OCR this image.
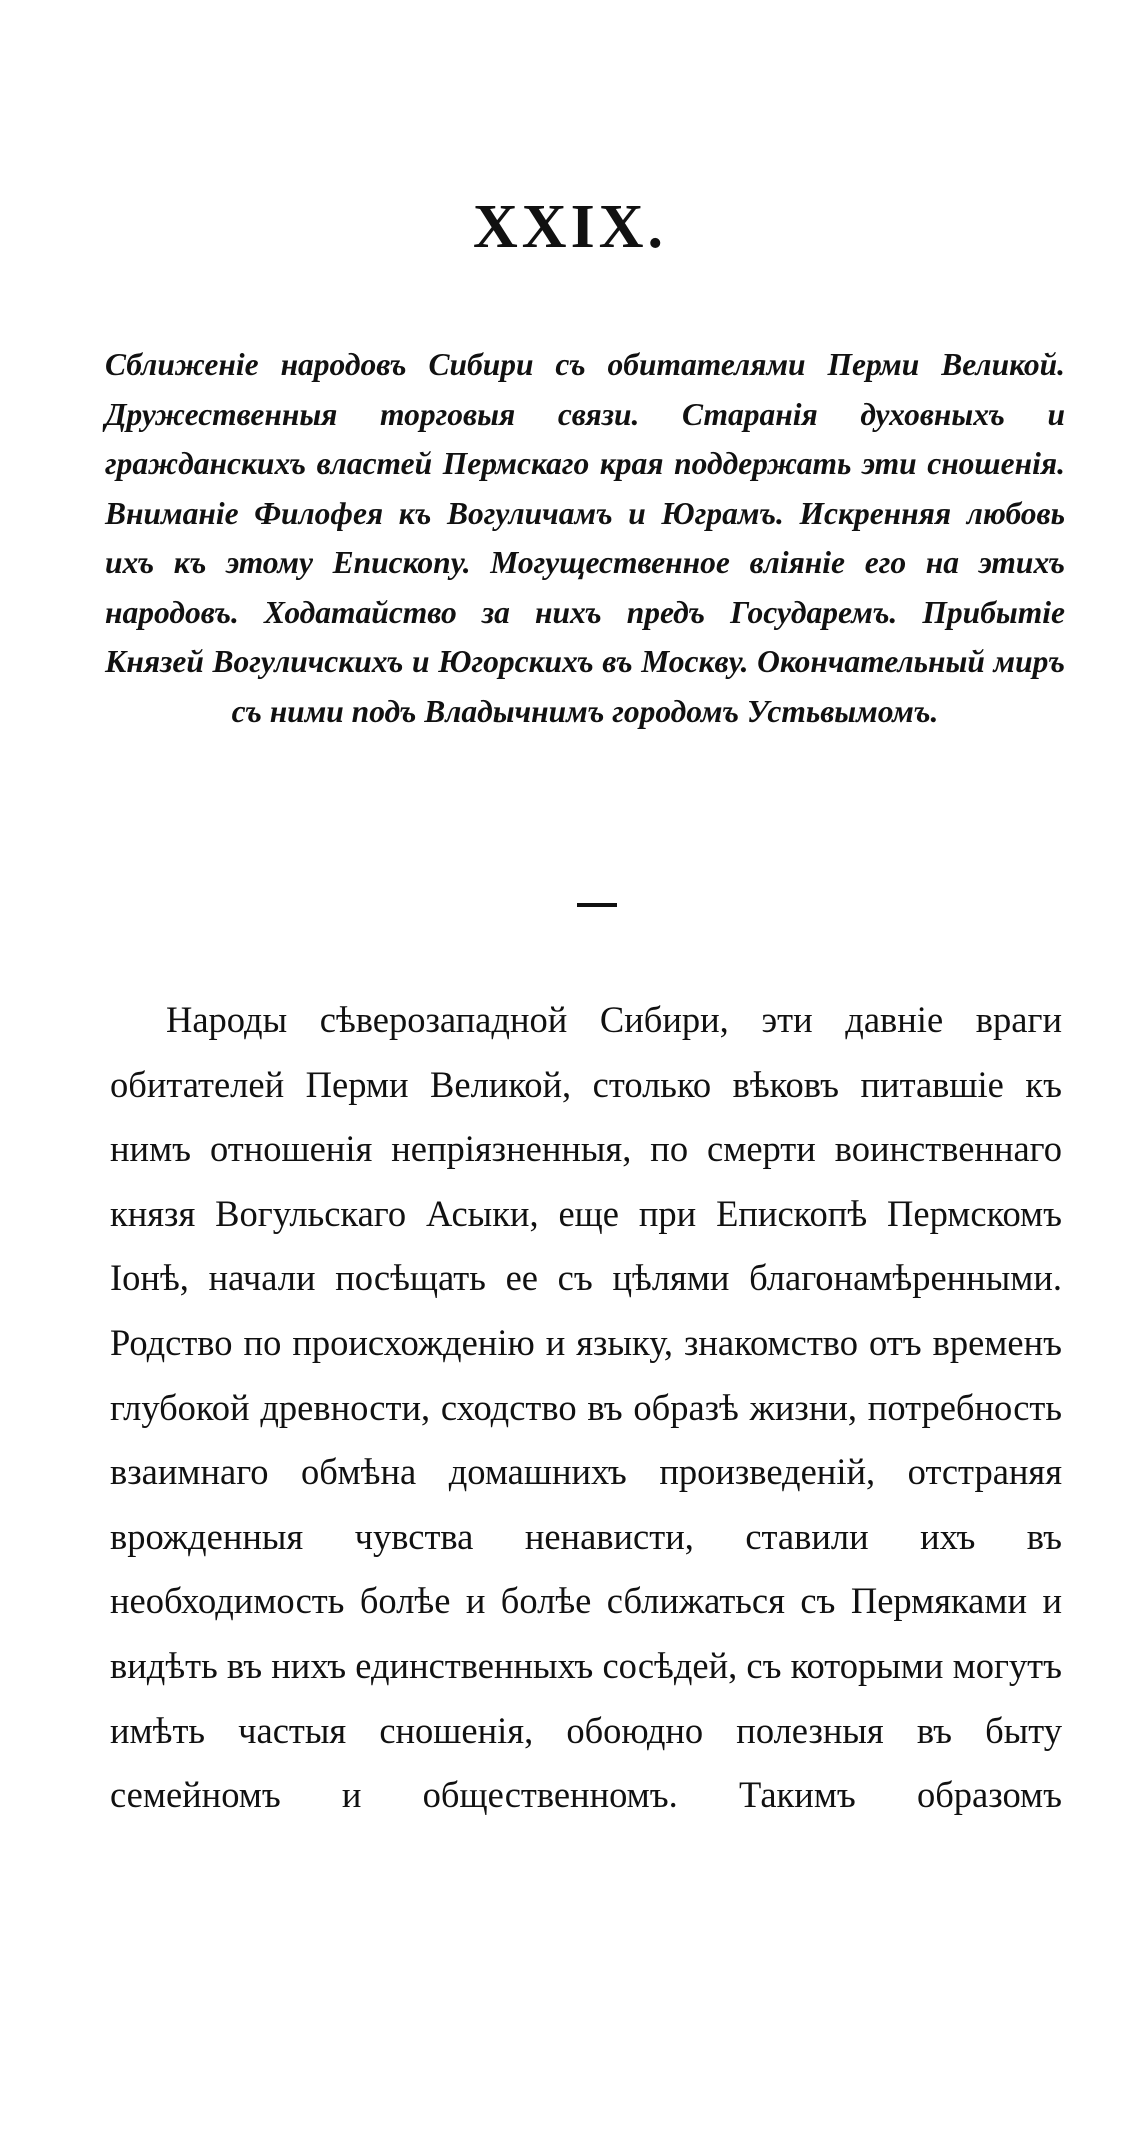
XXIX.
Сближенiе народовъ Сибири съ обитателями Перми Великой. Дружественныя торговыя связи. Старанiя духовныхъ и гражданскихъ властей Пермскаго края поддержать эти сношенiя. Вниманiе Филофея къ Вогуличамъ и Юграмъ. Искренняя любовь ихъ къ этому Епископу. Могущественное влiянiе его на этихъ народовъ. Ходатайство за нихъ предъ Государемъ. Прибытiе Князей Вогуличскихъ и Югорскихъ въ Москву. Окончательный миръ съ ними подъ Владычнимъ городомъ Устьвымомъ.
Народы сѣверозападной Сибири, эти давнiе враги обитателей Перми Великой, столько вѣковъ питавшiе къ нимъ отношенiя непрiязненныя, по смерти воинственнаго князя Вогульскаго Асыки, еще при Епископѣ Пермскомъ Iонѣ, начали посѣщать ее съ цѣлями благонамѣренными. Родство по происхожденiю и языку, знакомство отъ временъ глубокой древности, сходство въ образѣ жизни, потребность взаимнаго обмѣна домашнихъ произведенiй, отстраняя врожденныя чувства ненависти, ставили ихъ въ необходимость болѣе и болѣе сближаться съ Пермяками и видѣть въ нихъ единственныхъ сосѣдей, съ которыми могутъ имѣть частыя сношенiя, обоюдно полезныя въ быту семейномъ и общественномъ. Такимъ образомъ
